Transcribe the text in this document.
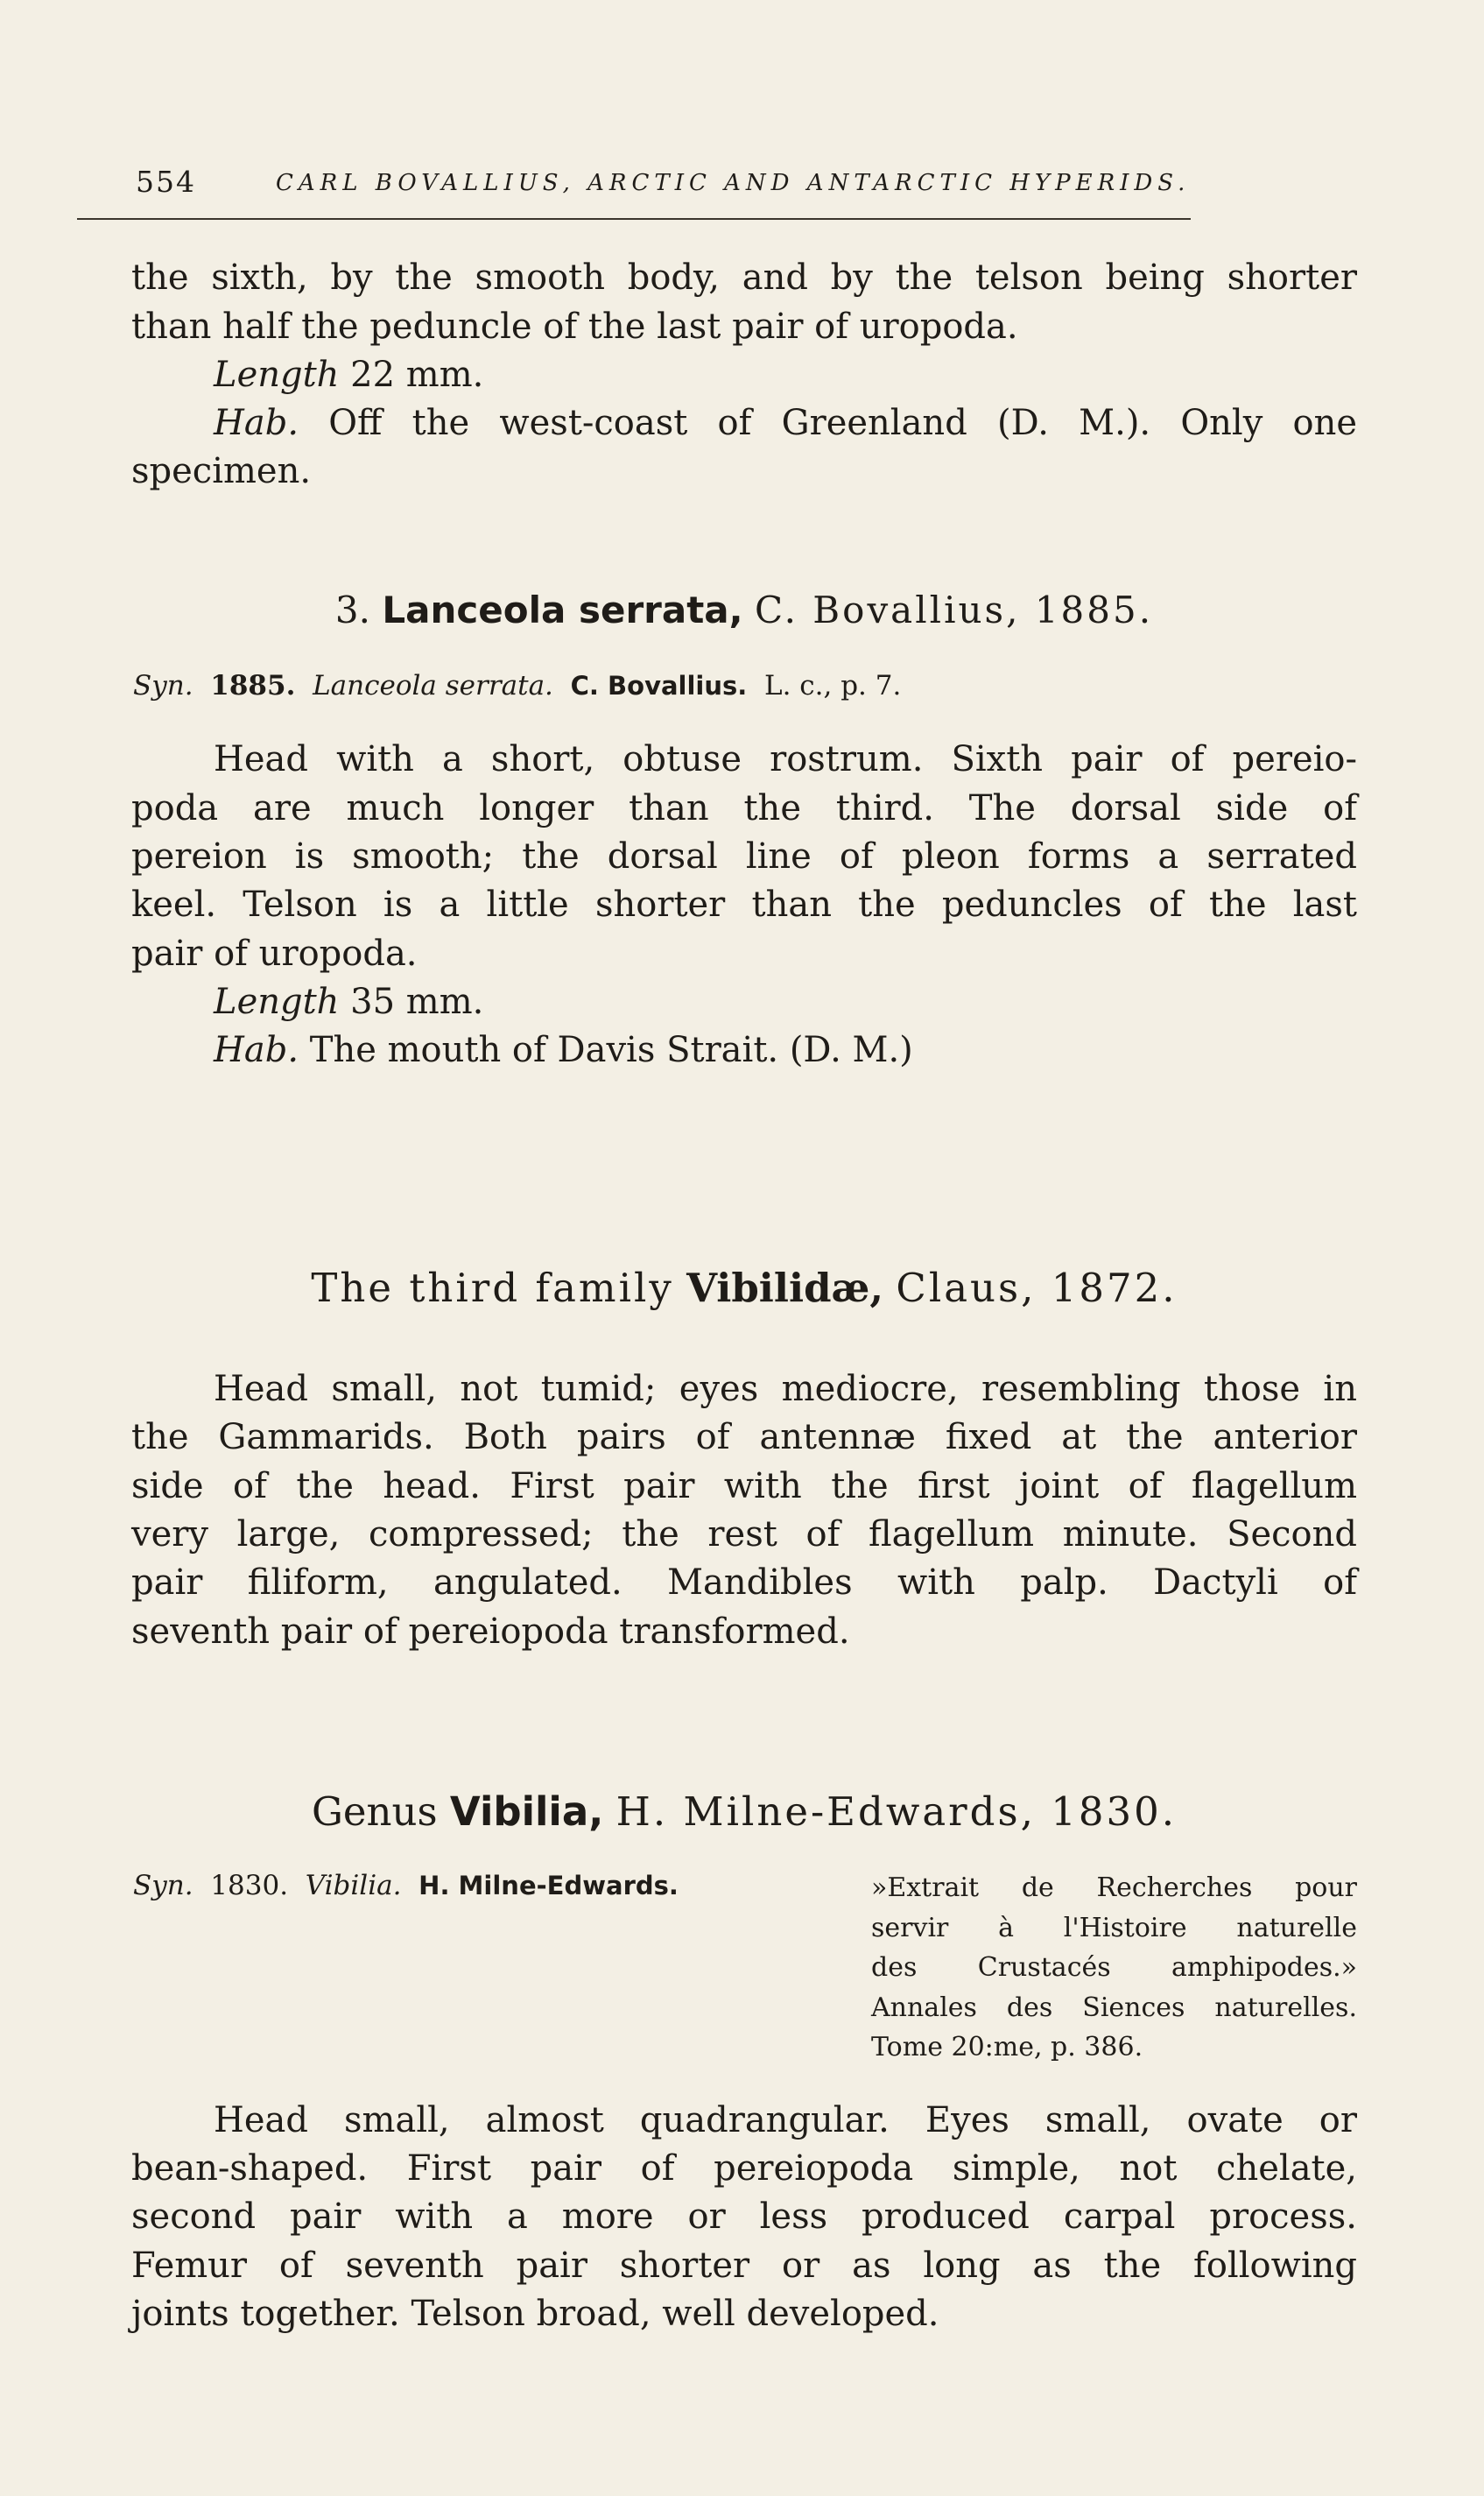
554	CARL BOVALLIUS, ARCTIC AND ANTARCTIC HYPERIDS.
the sixth, by the smooth body, and by the telson being shorter
than half the peduncle of the last pair of uropoda.
Length 22 mm.
Hab. Off the west-coast of Greenland (D. M.). Only one
specimen.
3. Lanceola serrata, C. Bovallius, 1885.
Syn. 1885. Lanceola serrata. C. Bovallius. L. c., p. 7.
Head with a short, obtuse rostrum. Sixth pair of pereio-
poda are much longer than the third. The dorsal side of
pereion is smooth; the dorsal line of pleon forms a serrated
keel. Telson is a little shorter than the peduncles of the last
pair of uropoda.
Length 35 mm.
Hab. The mouth of Davis Strait. (D. M.)
The third family Vibilidæ, Claus, 1872.
Head small, not tumid; eyes mediocre, resembling those in
the Gammarids. Both pairs of antennæ fixed at the anterior
side of the head. First pair with the first joint of flagellum
very large, compressed; the rest of flagellum minute. Second
pair filiform, angulated. Mandibles with palp. Dactyli of
seventh pair of pereiopoda transformed.
Genus Vibilia, H. Milne-Edwards, 1830.
Syn. 1830. Vibilia. H. Milne-Edwards.	»Extrait de Recherches pour
servir à l'Histoire naturelle
des Crustacés amphipodes.»
Annales des Siences naturelles.
Tome 20:me, p. 386.
Head small, almost quadrangular. Eyes small, ovate or
bean-shaped. First pair of pereiopoda simple, not chelate,
second pair with a more or less produced carpal process.
Femur of seventh pair shorter or as long as the following
joints together. Telson broad, well developed.
